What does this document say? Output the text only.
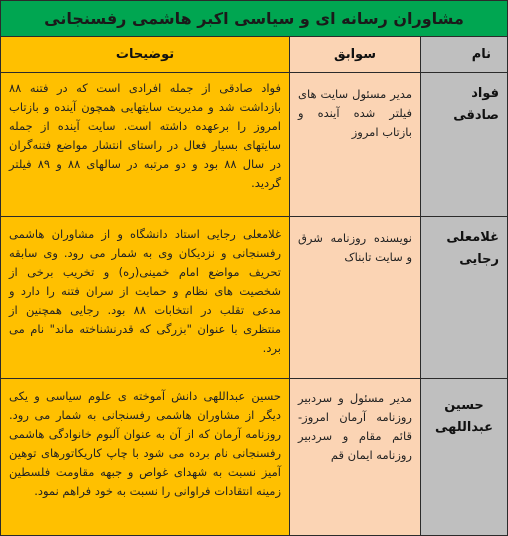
مشاوران رسانه ای و سیاسی اکبر هاشمی رفسنجانی
نام
سوابق
توضیحات
فواد صادقی
مدیر مسئول سایت های فیلتر شده آینده و بازتاب امروز
فواد صادقی از جمله افرادی است که در فتنه ۸۸ بازداشت شد و مدیریت سایتهایی همچون آینده و بازتاب امروز را برعهده داشته است. سایت آینده از جمله سایتهای بسیار فعال در راستای انتشار مواضع فتنه‌گران در سال ۸۸ بود و دو مرتبه در سالهای ۸۸ و ۸۹ فیلتر گردید.
غلامعلی رجایی
نویسنده روزنامه شرق و سایت تابناک
غلامعلی رجایی استاد دانشگاه و از مشاوران هاشمی رفسنجانی و نزدیکان وی به شمار می رود. وی سابقه تحریف مواضع امام خمینی(ره) و تخریب برخی از شخصیت های نظام و حمایت از سران فتنه را دارد و مدعی تقلب در انتخابات ۸۸ بود. رجایی همچنین از منتظری با عنوان "بزرگی که قدرنشناخته ماند" نام می برد.
حسین عبداللهی
مدیر مسئول و سردبیر روزنامه آرمان امروز- قائم مقام و سردبیر روزنامه ایمان قم
حسین عبداللهی دانش آموخته ی علوم سیاسی و یکی دیگر از مشاوران هاشمی رفسنجانی به شمار می رود. روزنامه آرمان که از آن به عنوان آلبوم خانوادگی هاشمی رفسنجانی نام برده می شود با چاپ کاریکاتورهای توهین آمیز نسبت به شهدای غواص و جبهه مقاومت فلسطین زمینه انتقادات فراوانی را نسبت به خود فراهم نمود.
